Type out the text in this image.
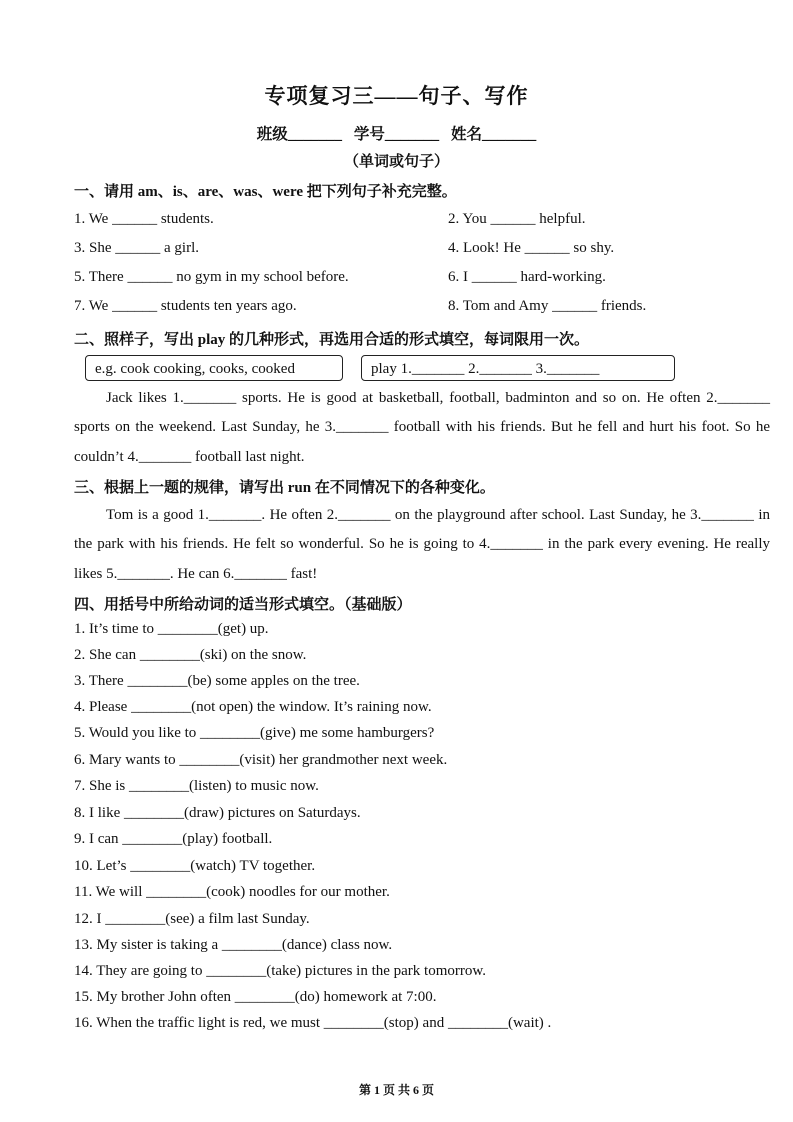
专项复习三——句子、写作
班级_______ 学号_______ 姓名_______
（单词或句子）
一、请用 am、is、are、was、were 把下列句子补充完整。
1. We ______ students.	2. You ______ helpful.
3. She ______ a girl.	4. Look! He ______ so shy.
5. There ______ no gym in my school before.	6. I ______ hard-working.
7. We ______ students ten years ago.	8. Tom and Amy ______ friends.
二、照样子，写出 play 的几种形式，再选用合适的形式填空，每词限用一次。
e.g. cook cooking, cooks, cooked	play 1._______ 2._______ 3._______
Jack likes 1._______ sports. He is good at basketball, football, badminton and so on. He often 2._______ sports on the weekend. Last Sunday, he 3._______ football with his friends. But he fell and hurt his foot. So he couldn’t 4._______ football last night.
三、根据上一题的规律，请写出 run 在不同情况下的各种变化。
Tom is a good 1._______. He often 2._______ on the playground after school. Last Sunday, he 3._______ in the park with his friends. He felt so wonderful. So he is going to 4._______ in the park every evening. He really likes 5._______. He can 6._______ fast!
四、用括号中所给动词的适当形式填空。（基础版）
1. It’s time to ________(get) up.
2. She can ________(ski) on the snow.
3. There ________(be) some apples on the tree.
4. Please ________(not open) the window. It’s raining now.
5. Would you like to ________(give) me some hamburgers?
6. Mary wants to ________(visit) her grandmother next week.
7. She is ________(listen) to music now.
8. I like ________(draw) pictures on Saturdays.
9. I can ________(play) football.
10. Let’s ________(watch) TV together.
11. We will ________(cook) noodles for our mother.
12. I ________(see) a film last Sunday.
13. My sister is taking a ________(dance) class now.
14. They are going to ________(take) pictures in the park tomorrow.
15. My brother John often ________(do) homework at 7:00.
16. When the traffic light is red, we must ________(stop) and ________(wait) .
第 1 页 共 6 页
